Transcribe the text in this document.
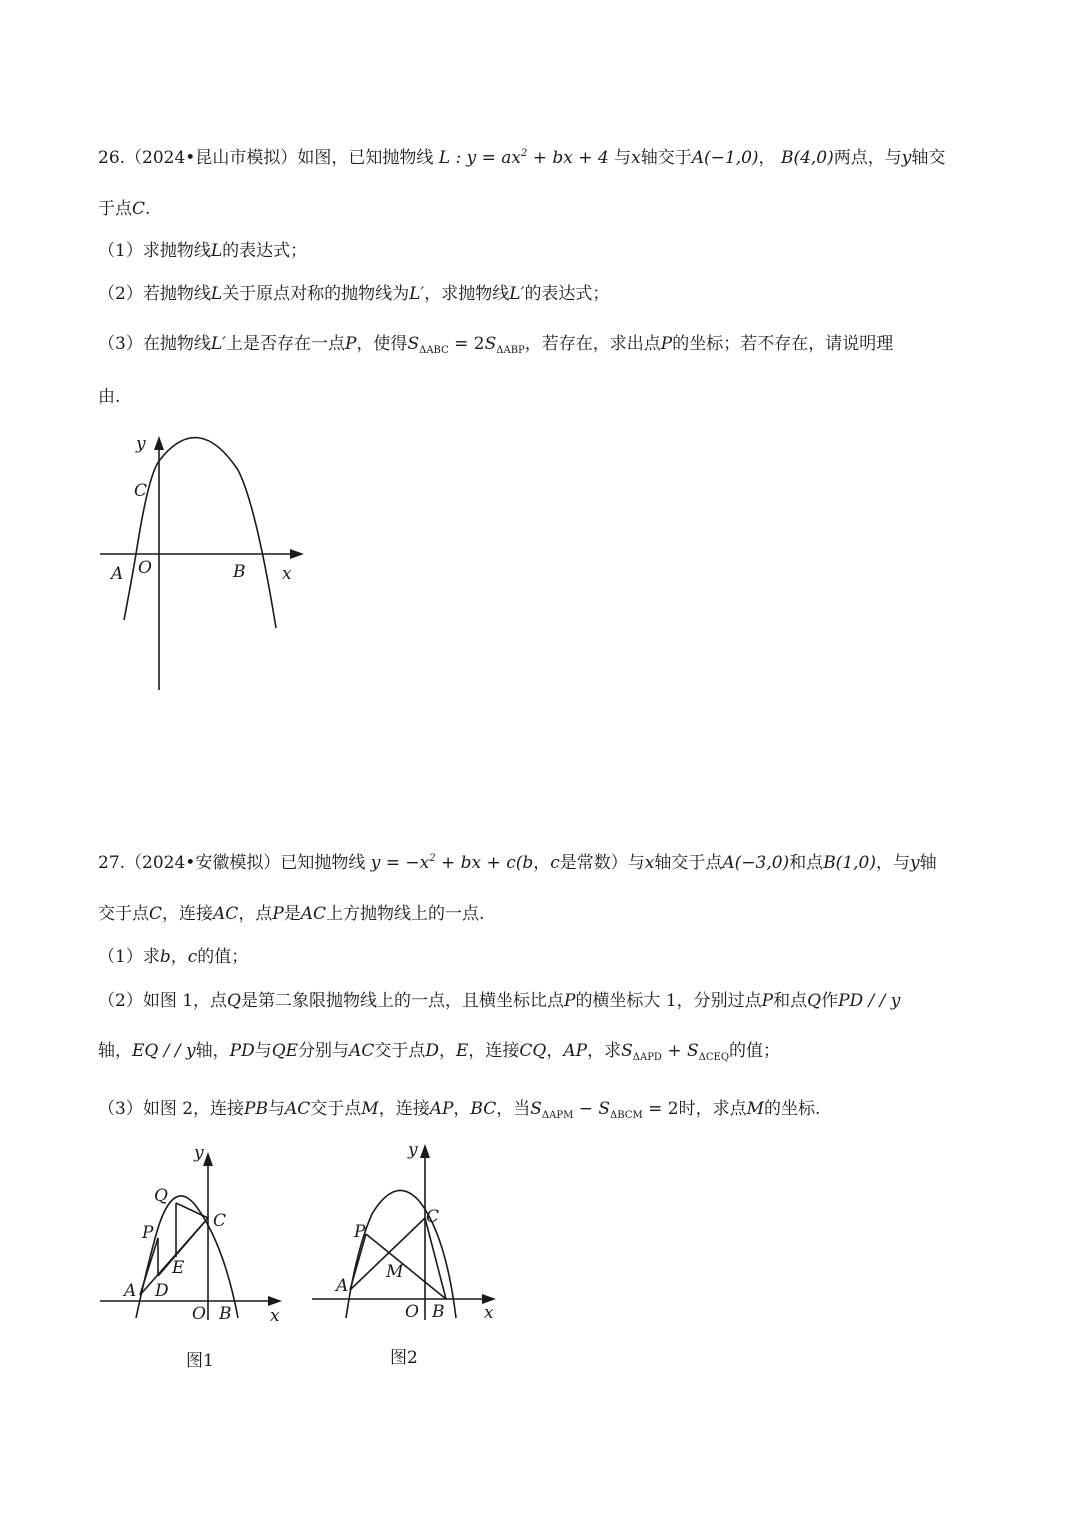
26.（2024•昆山市模拟）如图，已知抛物线 L : $y = ax^2$ + bx + 4 与x轴交于A(−1,0)， B(4,0)两点，与y轴交
于点C.
（1）求抛物线L的表达式；
（2）若抛物线L关于原点对称的抛物线为L′，求抛物线L′的表达式；
（3）在抛物线L′上是否存在一点P，使得$S_{\Delta ABC} = 2S_{\Delta ABP}$，若存在，求出点P的坐标；若不存在，请说明理
由.
y
C
A O	B x
27.（2024•安徽模拟）已知抛物线 $y = -x^2$ + bx + c(b，c是常数）与x轴交于点A(−3,0)和点B(1,0)，与y轴
交于点C，连接AC，点P是AC上方抛物线上的一点.
（1）求b，c的值；
（2）如图 1，点Q是第二象限抛物线上的一点，且横坐标比点P的横坐标大 1，分别过点P和点Q作PD / / y
轴，EQ / / y轴，PD与QE分别与AC交于点D，E，连接CQ，AP，求$S_{\Delta APD} + S_{\Delta CEQ}$的值；
（3）如图 2，连接PB与AC交于点M，连接AP，BC，当$S_{\Delta APM} - S_{\Delta BCM} = 2$时，求点M的坐标.
y
Q
C
P
E
A D
O B x
图1
y
C
P
M
A
O B x
图2
